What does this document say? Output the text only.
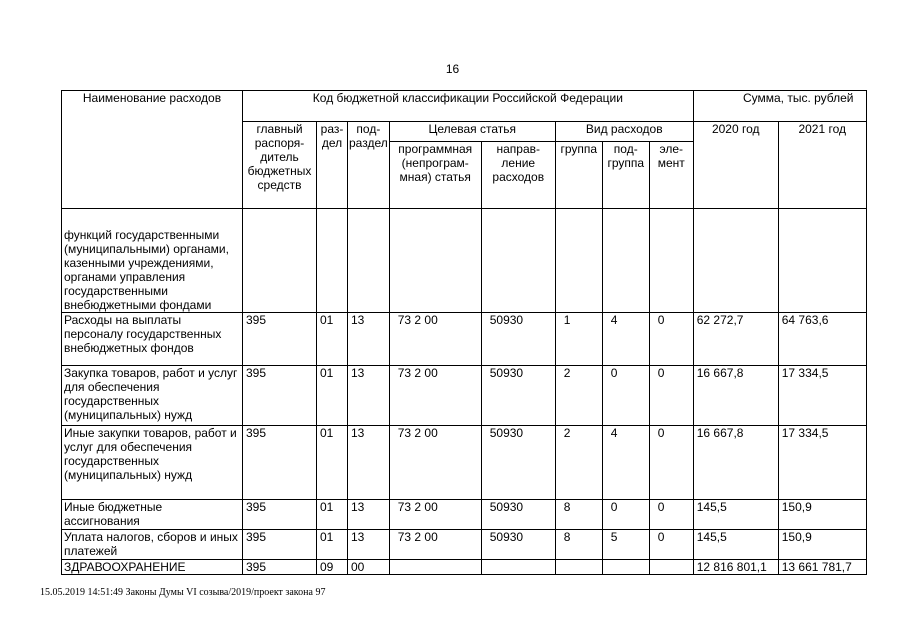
16
Наименование расходов	Код бюджетной классификации Российской Федерации								Сумма, тыс. рублей	
	главный распоря-дитель бюджетных средств	раз-дел	под-раздел	Целевая статья		Вид расходов			2020 год	2021 год
				программная (непрограм-мная) статья	направ-ление расходов	группа	под-группа	эле-мент		
функций государственными (муниципальными) органами, казенными учреждениями, органами управления государственными внебюджетными фондами										
Расходы на выплаты персоналу государственных внебюджетных фондов	395	01	13	73 2 00	50930	1	4	0	62 272,7	64 763,6
Закупка товаров, работ и услуг для обеспечения государственных (муниципальных) нужд	395	01	13	73 2 00	50930	2	0	0	16 667,8	17 334,5
Иные закупки товаров, работ и услуг для обеспечения государственных (муниципальных) нужд	395	01	13	73 2 00	50930	2	4	0	16 667,8	17 334,5
Иные бюджетные ассигнования	395	01	13	73 2 00	50930	8	0	0	145,5	150,9
Уплата налогов, сборов и иных платежей	395	01	13	73 2 00	50930	8	5	0	145,5	150,9
ЗДРАВООХРАНЕНИЕ	395	09	00						12 816 801,1	13 661 781,7
15.05.2019 14:51:49 Законы Думы VI созыва/2019/проект закона 97
